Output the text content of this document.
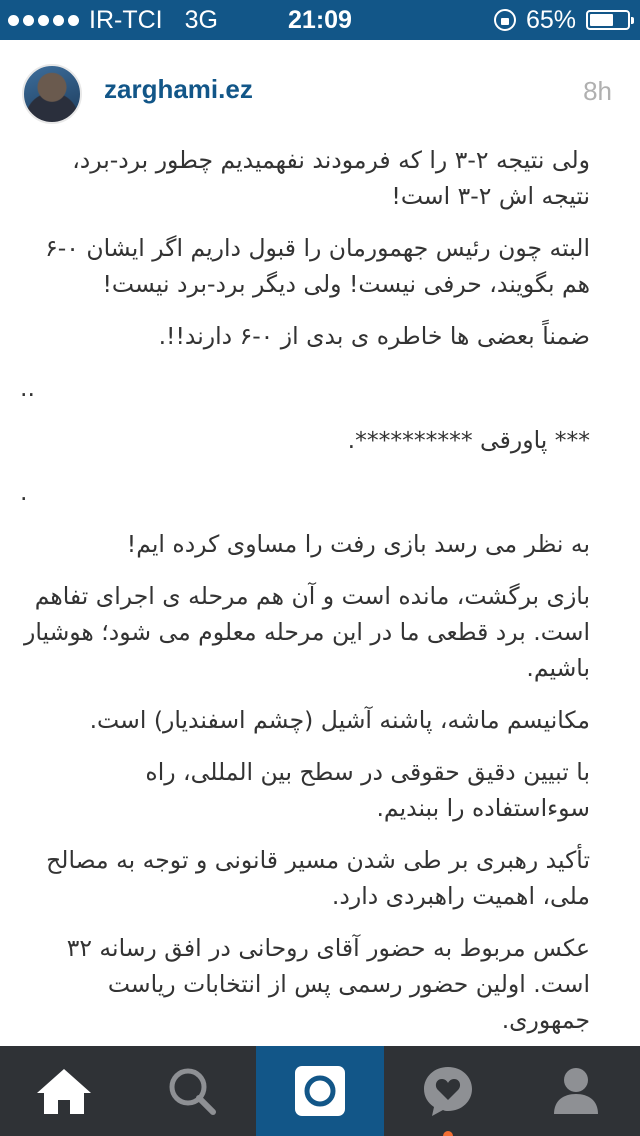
IR-TCI 3G	21:09	65%
zarghami.ez	8h

ولی نتیجه ۲-۳ را که فرمودند نفهمیدیم چطور برد-برد، نتیجه اش ۲-۳ است!

البته چون رئیس جهمورمان را قبول داریم اگر ایشان ۰-۶ هم بگویند، حرفی نیست! ولی دیگر برد-برد نیست!

ضمناً بعضی ها خاطره ی بدی از ۰-۶ دارند!!.

..

*** پاورقی **********.

.

به نظر می رسد بازی رفت را مساوی کرده ایم!

بازی برگشت، مانده است و آن هم مرحله ی اجرای تفاهم است. برد قطعی ما در این مرحله معلوم می شود؛ هوشیار باشیم.

مکانیسم ماشه، پاشنه آشیل (چشم اسفندیار) است.

با تبیین دقیق حقوقی در سطح بین المللی، راه سوءاستفاده را ببندیم.

تأکید رهبری بر طی شدن مسیر قانونی و توجه به مصالح ملی، اهمیت راهبردی دارد.

عکس مربوط به حضور آقای روحانی در افق رسانه ۳۲ است. اولین حضور رسمی پس از انتخابات ریاست جمهوری.
